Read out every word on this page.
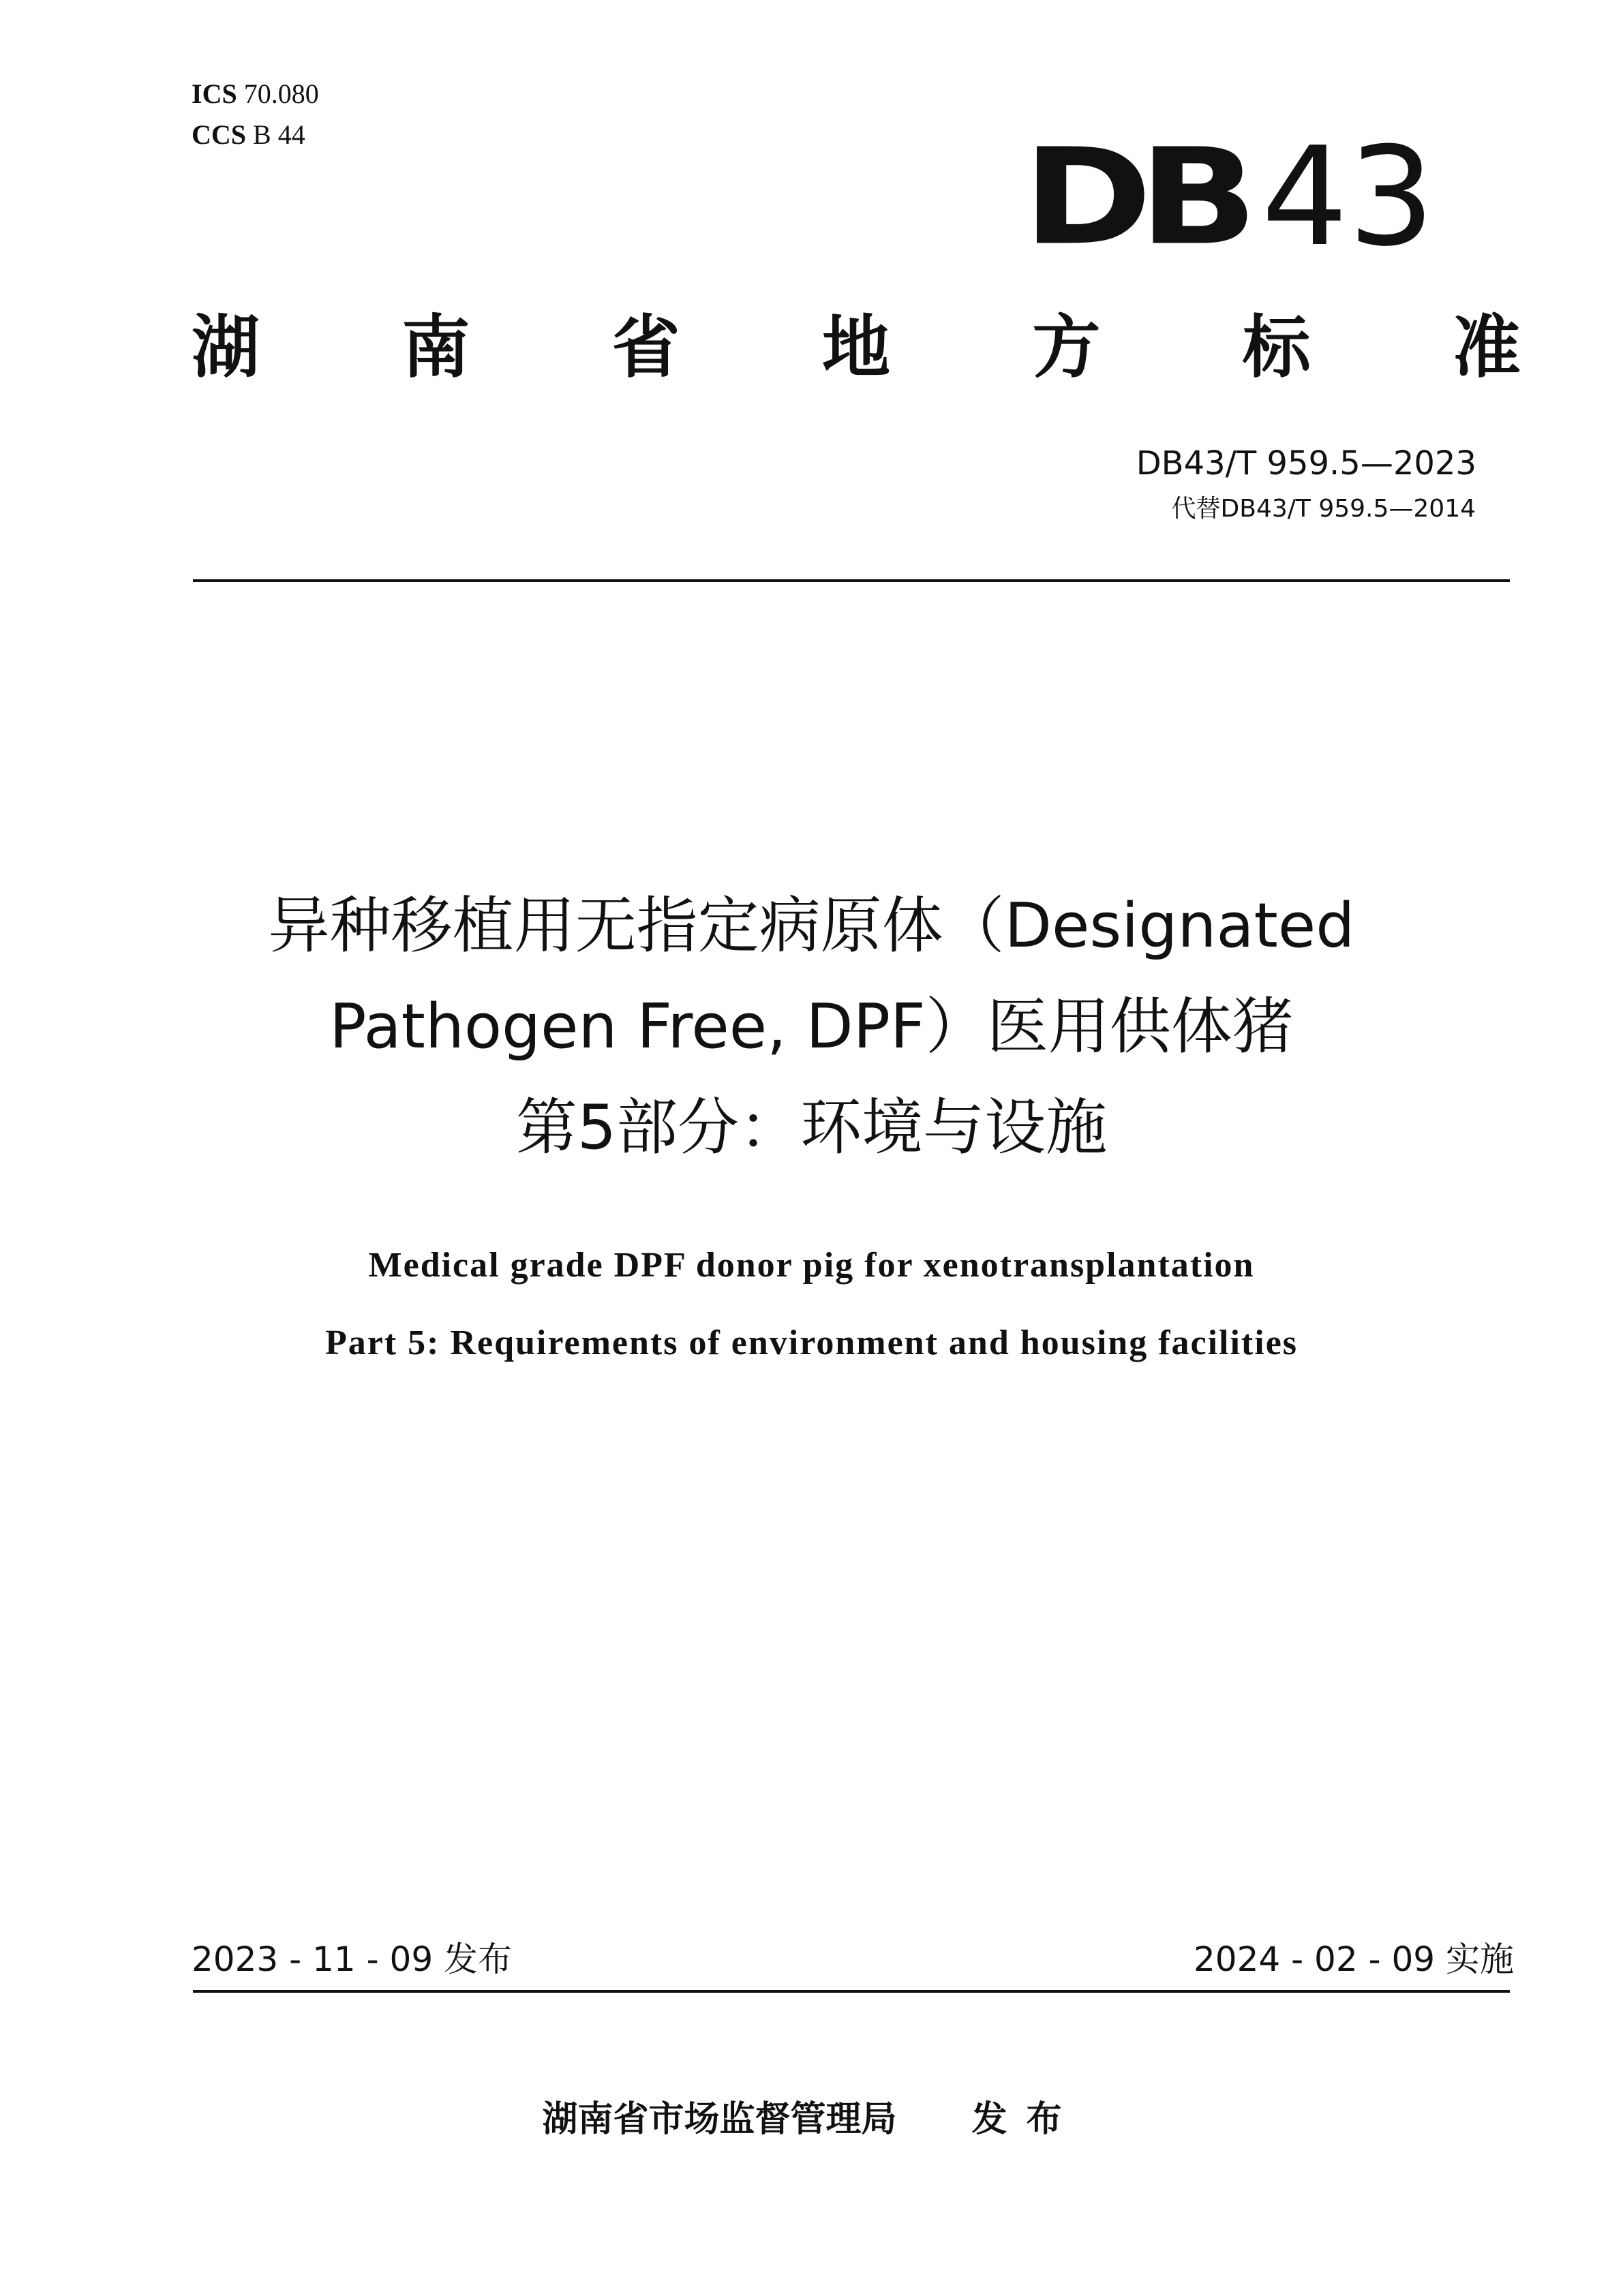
ICS 70.080
CCS B 44	DB 43
湖 南 省 地 方 标 准
DB43/T 959.5—2023
代替DB43/T 959.5—2014
异种移植用无指定病原体（Designated
Pathogen Free, DPF）医用供体猪
第5部分：环境与设施
Medical grade DPF donor pig for xenotransplantation
Part 5: Requirements of environment and housing facilities
2023 - 11 - 09 发布	2024 - 02 - 09 实施
湖南省市场监督管理局 发布
